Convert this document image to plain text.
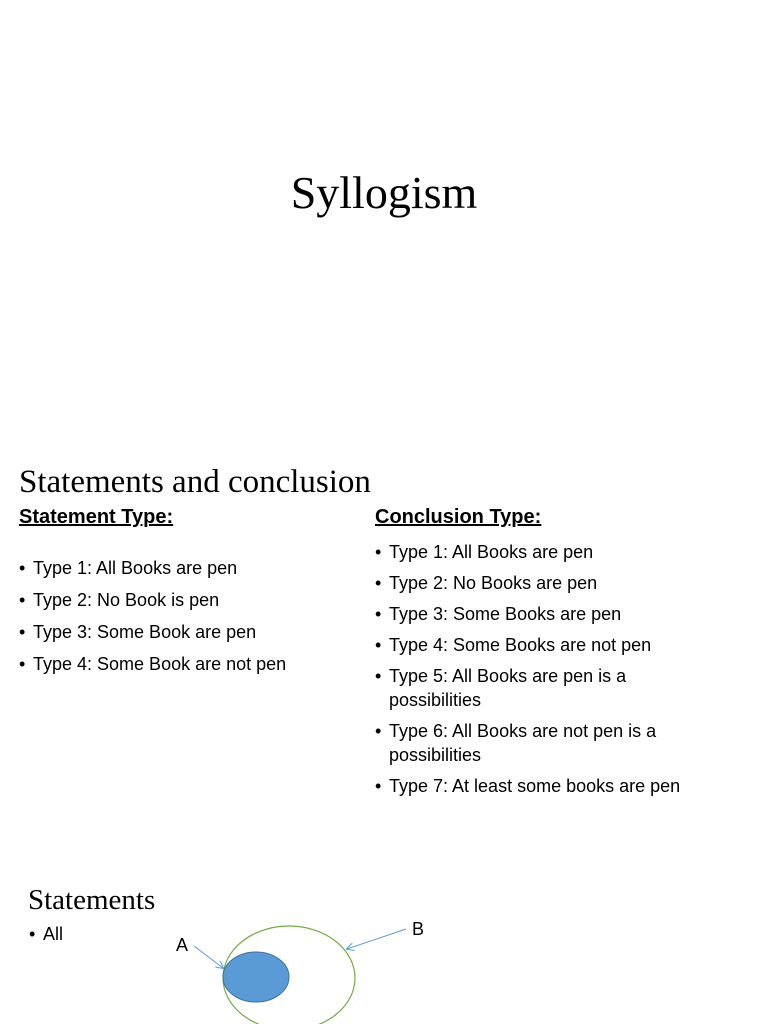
Syllogism
Statements and conclusion
Statement Type:
• Type 1: All Books are pen
• Type 2: No Book is pen
• Type 3: Some Book are pen
• Type 4: Some Book are not pen
Conclusion Type:
• Type 1: All Books are pen
• Type 2: No Books are pen
• Type 3: Some Books are pen
• Type 4: Some Books are not pen
• Type 5: All Books are pen is a possibilities
• Type 6: All Books are not pen is a possibilities
• Type 7: At least some books are pen
Statements
• All
A
B
